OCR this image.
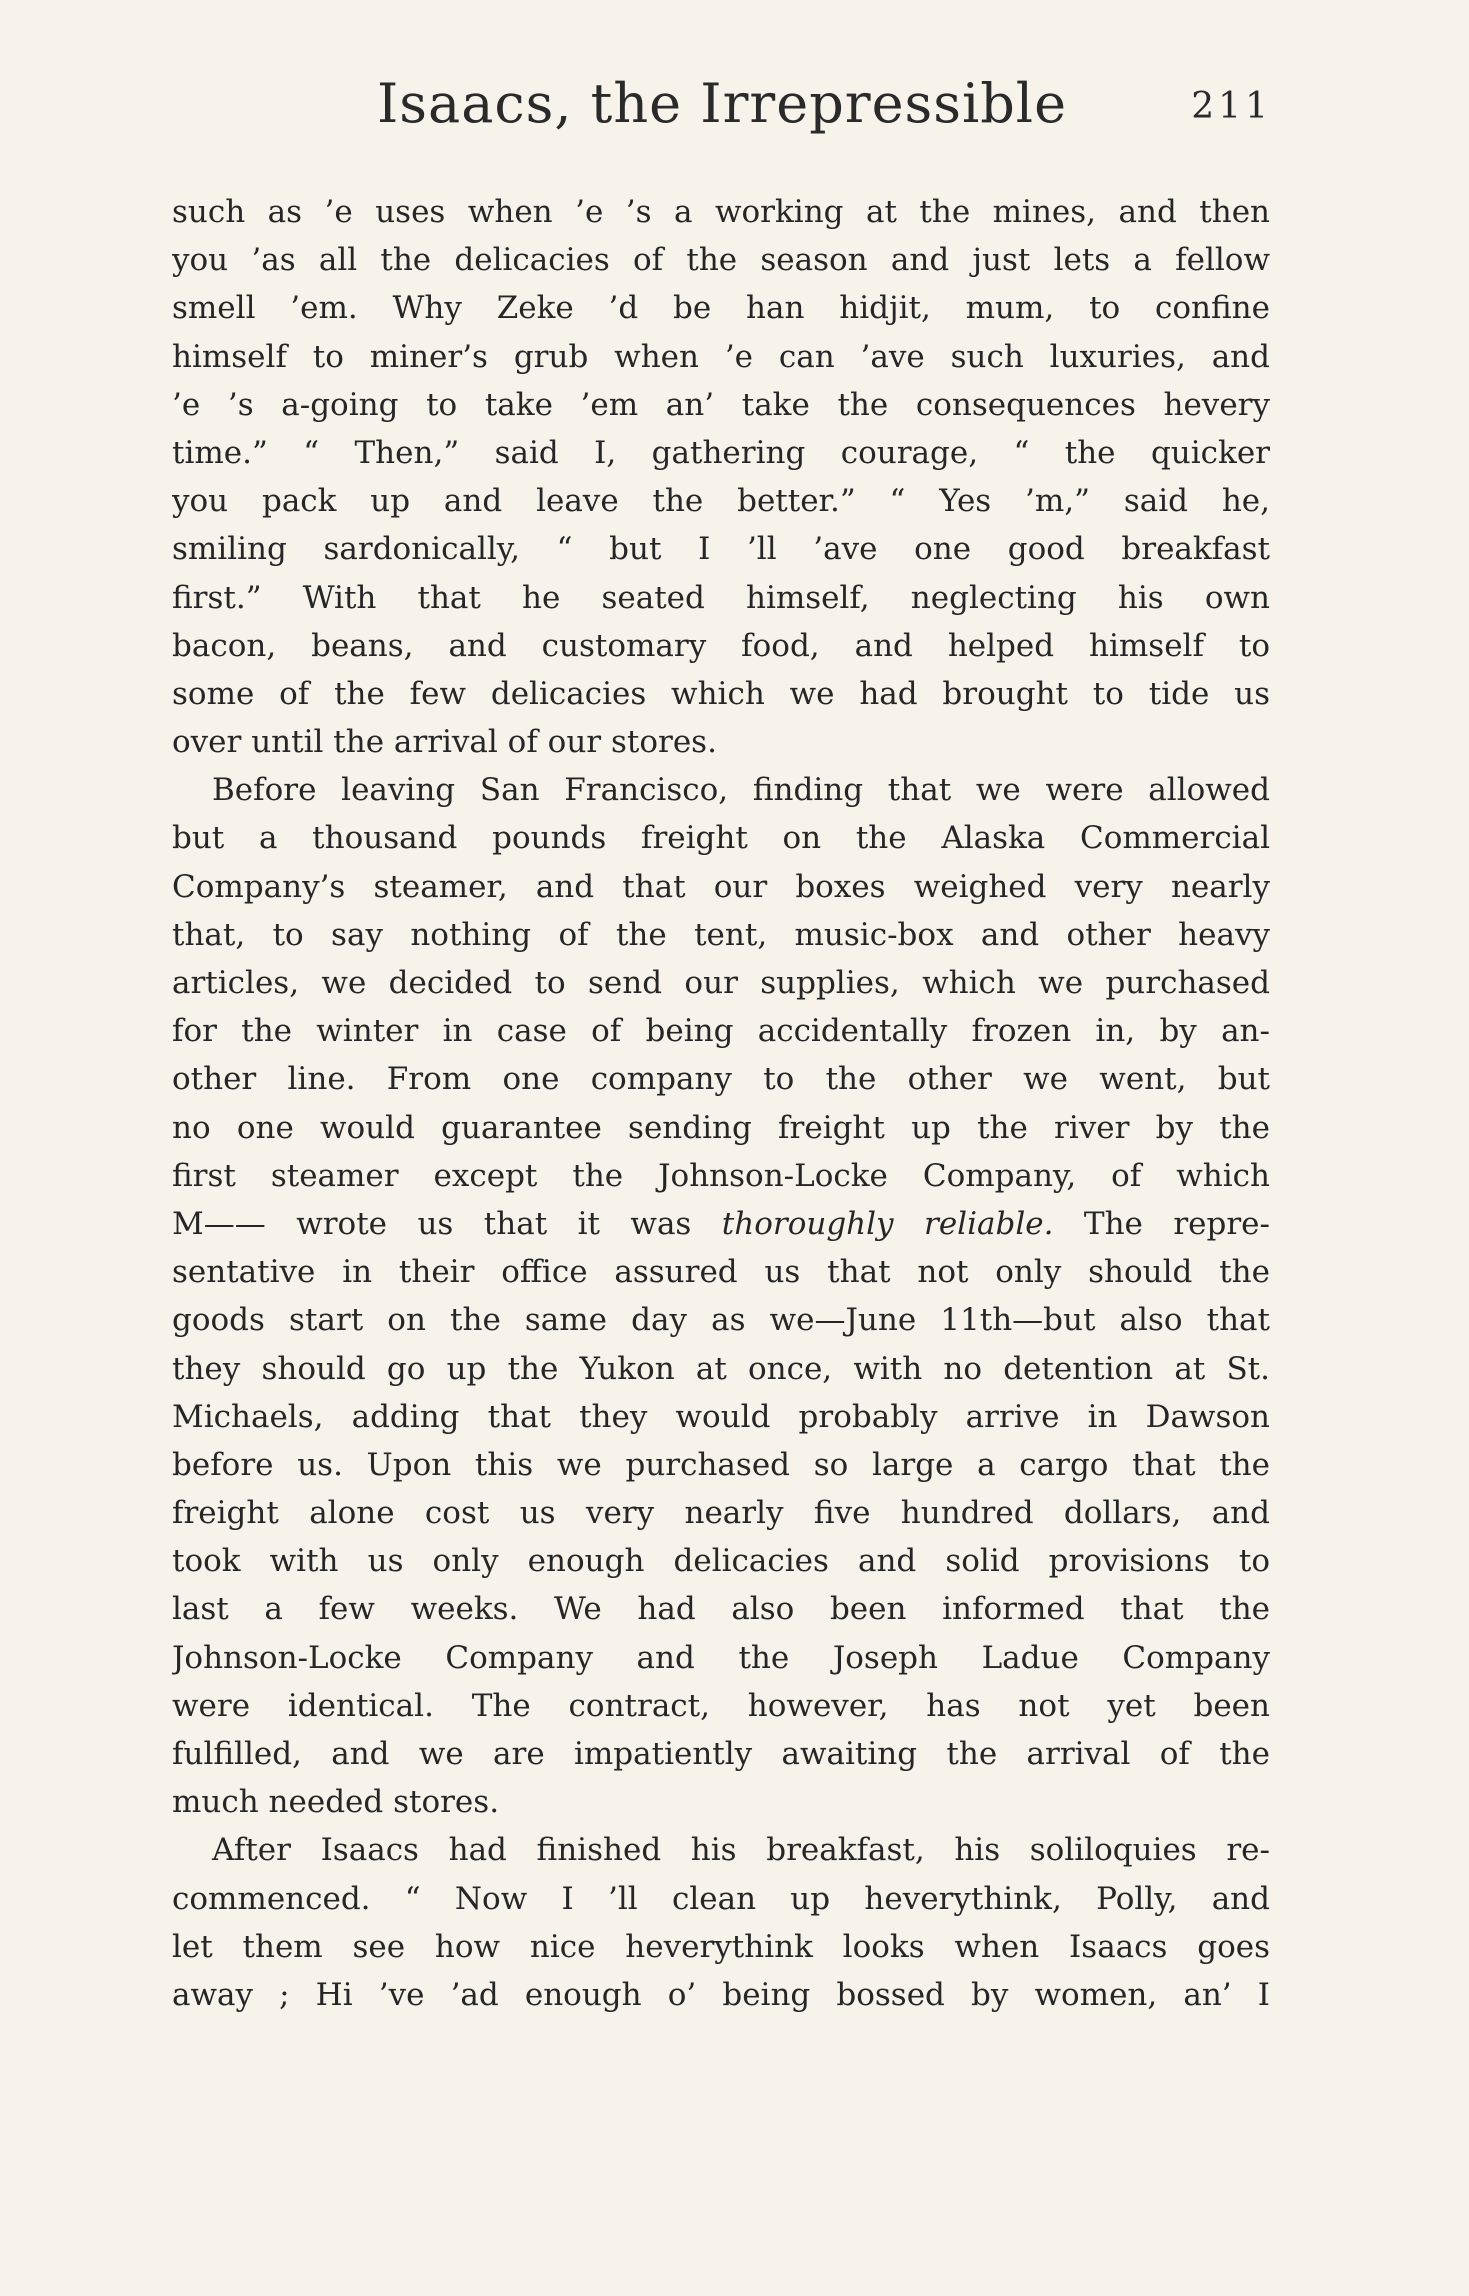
Isaacs, the Irrepressible	211
such as ’e uses when ’e ’s a working at the mines, and then
you ’as all the delicacies of the season and just lets a fellow
smell ’em. Why Zeke ’d be han hidjit, mum, to confine
himself to miner’s grub when ’e can ’ave such luxuries, and
’e ’s a-going to take ’em an’ take the consequences hevery
time.” “ Then,” said I, gathering courage, “ the quicker
you pack up and leave the better.” “ Yes ’m,” said he,
smiling sardonically, “ but I ’ll ’ave one good breakfast
first.” With that he seated himself, neglecting his own
bacon, beans, and customary food, and helped himself to
some of the few delicacies which we had brought to tide us
over until the arrival of our stores.
Before leaving San Francisco, finding that we were allowed
but a thousand pounds freight on the Alaska Commercial
Company’s steamer, and that our boxes weighed very nearly
that, to say nothing of the tent, music-box and other heavy
articles, we decided to send our supplies, which we purchased
for the winter in case of being accidentally frozen in, by an-
other line. From one company to the other we went, but
no one would guarantee sending freight up the river by the
first steamer except the Johnson-Locke Company, of which
M—— wrote us that it was thoroughly reliable. The repre-
sentative in their office assured us that not only should the
goods start on the same day as we—June 11th—but also that
they should go up the Yukon at once, with no detention at St.
Michaels, adding that they would probably arrive in Dawson
before us. Upon this we purchased so large a cargo that the
freight alone cost us very nearly five hundred dollars, and
took with us only enough delicacies and solid provisions to
last a few weeks. We had also been informed that the
Johnson-Locke Company and the Joseph Ladue Company
were identical. The contract, however, has not yet been
fulfilled, and we are impatiently awaiting the arrival of the
much needed stores.
After Isaacs had finished his breakfast, his soliloquies re-
commenced. “ Now I ’ll clean up heverythink, Polly, and
let them see how nice heverythink looks when Isaacs goes
away ; Hi ’ve ’ad enough o’ being bossed by women, an’ I
